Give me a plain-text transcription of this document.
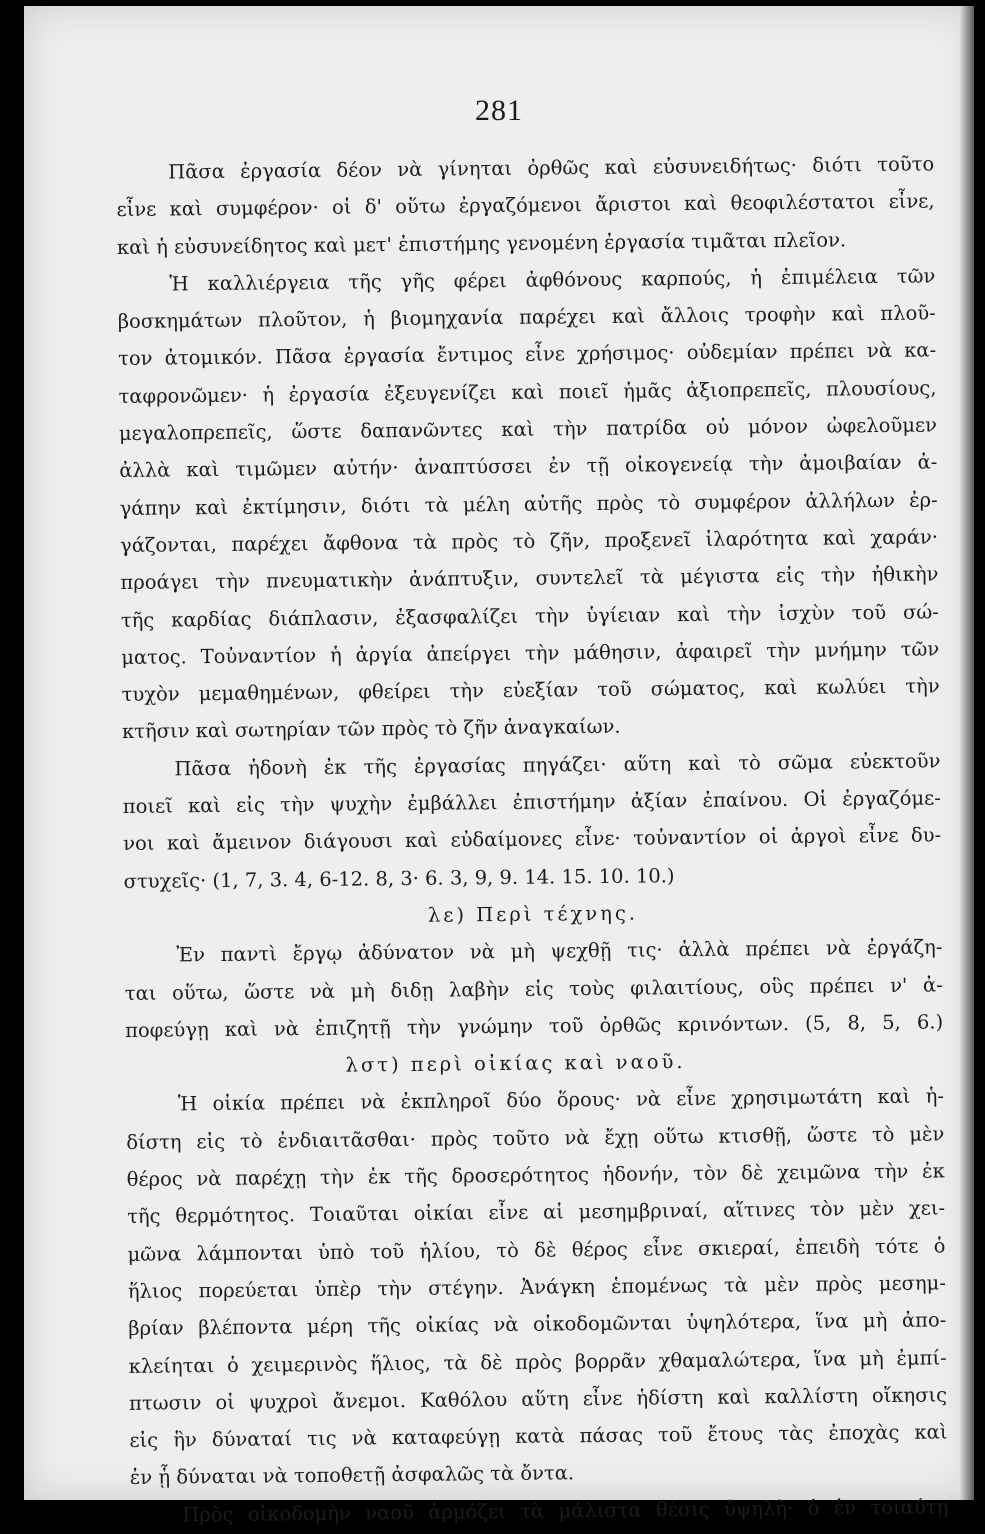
281
Πᾶσα ἐργασία δέον νὰ γίνηται ὀρθῶς καὶ εὐσυνειδήτως· διότι τοῦτο
εἶνε καὶ συμφέρον· οἱ δ' οὕτω ἐργαζόμενοι ἄριστοι καὶ θεοφιλέστατοι εἶνε,
καὶ ἡ εὐσυνείδητος καὶ μετ' ἐπιστήμης γενομένη ἐργασία τιμᾶται πλεῖον.
Ἡ καλλιέργεια τῆς γῆς φέρει ἀφθόνους καρπούς, ἡ ἐπιμέλεια τῶν
βοσκημάτων πλοῦτον, ἡ βιομηχανία παρέχει καὶ ἄλλοις τροφὴν καὶ πλοῦ-
τον ἀτομικόν. Πᾶσα ἐργασία ἔντιμος εἶνε χρήσιμος· οὐδεμίαν πρέπει νὰ κα-
ταφρονῶμεν· ἡ ἐργασία ἐξευγενίζει καὶ ποιεῖ ἡμᾶς ἀξιοπρεπεῖς, πλουσίους,
μεγαλοπρεπεῖς, ὥστε δαπανῶντες καὶ τὴν πατρίδα οὐ μόνον ὠφελοῦμεν
ἀλλὰ καὶ τιμῶμεν αὐτήν· ἀναπτύσσει ἐν τῇ οἰκογενείᾳ τὴν ἀμοιβαίαν ἀ-
γάπην καὶ ἐκτίμησιν, διότι τὰ μέλη αὐτῆς πρὸς τὸ συμφέρον ἀλλήλων ἐρ-
γάζονται, παρέχει ἄφθονα τὰ πρὸς τὸ ζῆν, προξενεῖ ἱλαρότητα καὶ χαράν·
προάγει τὴν πνευματικὴν ἀνάπτυξιν, συντελεῖ τὰ μέγιστα εἰς τὴν ἠθικὴν
τῆς καρδίας διάπλασιν, ἐξασφαλίζει τὴν ὑγίειαν καὶ τὴν ἰσχὺν τοῦ σώ-
ματος. Τοὐναντίον ἡ ἀργία ἀπείργει τὴν μάθησιν, ἀφαιρεῖ τὴν μνήμην τῶν
τυχὸν μεμαθημένων, φθείρει τὴν εὐεξίαν τοῦ σώματος, καὶ κωλύει τὴν
κτῆσιν καὶ σωτηρίαν τῶν πρὸς τὸ ζῆν ἀναγκαίων.
Πᾶσα ἡδονὴ ἐκ τῆς ἐργασίας πηγάζει· αὕτη καὶ τὸ σῶμα εὐεκτοῦν
ποιεῖ καὶ εἰς τὴν ψυχὴν ἐμβάλλει ἐπιστήμην ἀξίαν ἐπαίνου. Οἱ ἐργαζόμε-
νοι καὶ ἄμεινον διάγουσι καὶ εὐδαίμονες εἶνε· τοὐναντίον οἱ ἀργοὶ εἶνε δυ-
στυχεῖς· (1, 7, 3. 4, 6-12. 8, 3· 6. 3, 9, 9. 14. 15. 10. 10.)
λε) Περὶ τέχνης.
Ἐν παντὶ ἔργῳ ἀδύνατον νὰ μὴ ψεχθῇ τις· ἀλλὰ πρέπει νὰ ἐργάζη-
ται οὕτω, ὥστε νὰ μὴ διδῃ λαβὴν εἰς τοὺς φιλαιτίους, οὓς πρέπει ν' ἀ-
ποφεύγῃ καὶ νὰ ἐπιζητῇ τὴν γνώμην τοῦ ὀρθῶς κρινόντων. (5, 8, 5, 6.)
λστ) περὶ οἰκίας καὶ ναοῦ.
Ἡ οἰκία πρέπει νὰ ἐκπληροῖ δύο ὅρους· νὰ εἶνε χρησιμωτάτη καὶ ἡ-
δίστη εἰς τὸ ἐνδιαιτᾶσθαι· πρὸς τοῦτο νὰ ἔχῃ οὕτω κτισθῇ, ὥστε τὸ μὲν
θέρος νὰ παρέχῃ τὴν ἐκ τῆς δροσερότητος ἡδονήν, τὸν δὲ χειμῶνα τὴν ἐκ
τῆς θερμότητος. Τοιαῦται οἰκίαι εἶνε αἱ μεσημβριναί, αἵτινες τὸν μὲν χει-
μῶνα λάμπονται ὑπὸ τοῦ ἡλίου, τὸ δὲ θέρος εἶνε σκιεραί, ἐπειδὴ τότε ὁ
ἥλιος πορεύεται ὑπὲρ τὴν στέγην. Ἀνάγκη ἑπομένως τὰ μὲν πρὸς μεσημ-
βρίαν βλέποντα μέρη τῆς οἰκίας νὰ οἰκοδομῶνται ὑψηλότερα, ἵνα μὴ ἀπο-
κλείηται ὁ χειμερινὸς ἥλιος, τὰ δὲ πρὸς βορρᾶν χθαμαλώτερα, ἵνα μὴ ἐμπί-
πτωσιν οἱ ψυχροὶ ἄνεμοι. Καθόλου αὕτη εἶνε ἡδίστη καὶ καλλίστη οἴκησις
εἰς ἣν δύναταί τις νὰ καταφεύγῃ κατὰ πάσας τοῦ ἔτους τὰς ἐποχὰς καὶ
ἐν ᾗ δύναται νὰ τοποθετῇ ἀσφαλῶς τὰ ὄντα.
Πρὸς οἰκοδομὴν ναοῦ ἁρμόζει τὰ μάλιστα θέσις ὑψηλὴ· ὁ ἐν τοιαύτῃ
